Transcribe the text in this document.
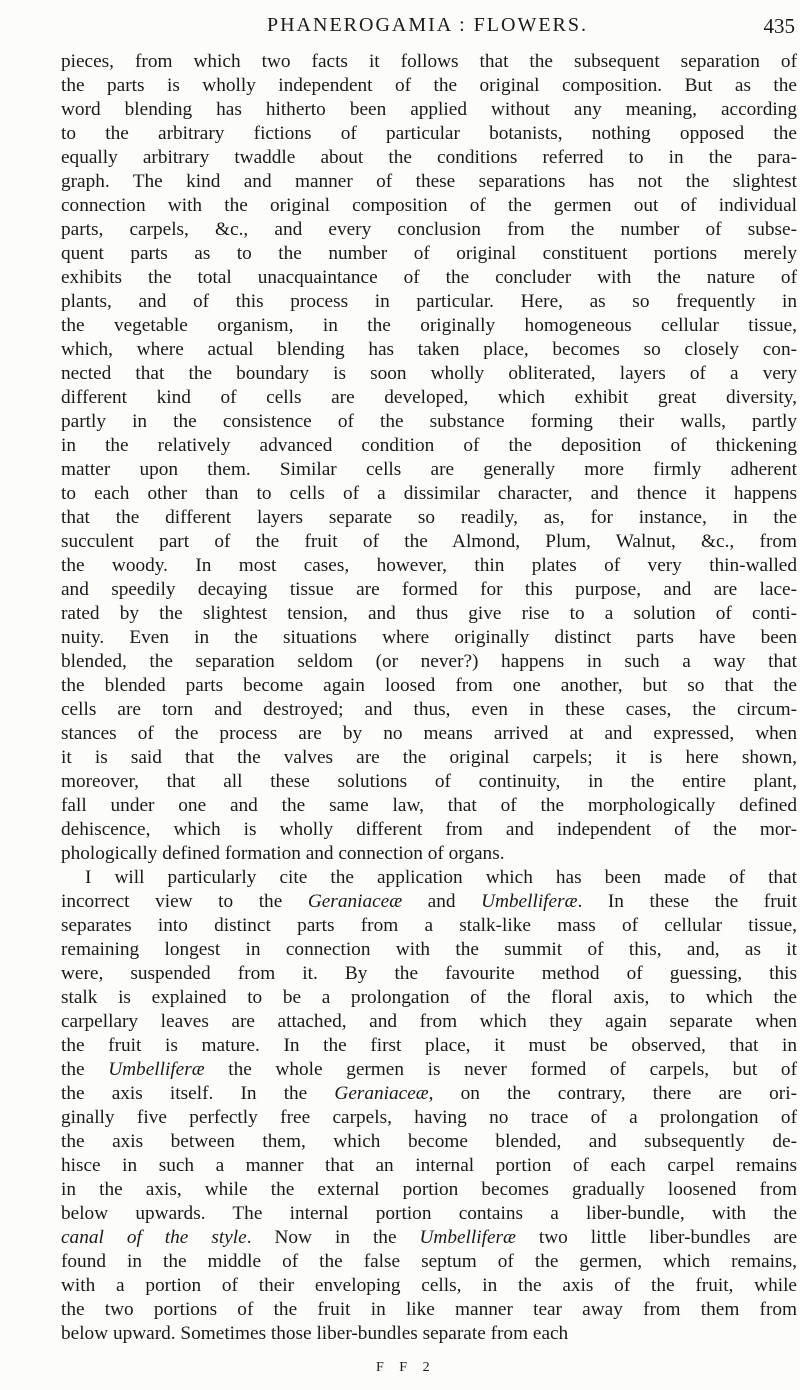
PHANEROGAMIA : FLOWERS.	435

pieces, from which two facts it follows that the subsequent separation of
the parts is wholly independent of the original composition. But as the
word blending has hitherto been applied without any meaning, according
to the arbitrary fictions of particular botanists, nothing opposed the
equally arbitrary twaddle about the conditions referred to in the para-
graph. The kind and manner of these separations has not the slightest
connection with the original composition of the germen out of individual
parts, carpels, &c., and every conclusion from the number of subse-
quent parts as to the number of original constituent portions merely
exhibits the total unacquaintance of the concluder with the nature of
plants, and of this process in particular. Here, as so frequently in
the vegetable organism, in the originally homogeneous cellular tissue,
which, where actual blending has taken place, becomes so closely con-
nected that the boundary is soon wholly obliterated, layers of a very
different kind of cells are developed, which exhibit great diversity,
partly in the consistence of the substance forming their walls, partly
in the relatively advanced condition of the deposition of thickening
matter upon them. Similar cells are generally more firmly adherent
to each other than to cells of a dissimilar character, and thence it happens
that the different layers separate so readily, as, for instance, in the
succulent part of the fruit of the Almond, Plum, Walnut, &c., from
the woody. In most cases, however, thin plates of very thin-walled
and speedily decaying tissue are formed for this purpose, and are lace-
rated by the slightest tension, and thus give rise to a solution of conti-
nuity. Even in the situations where originally distinct parts have been
blended, the separation seldom (or never?) happens in such a way that
the blended parts become again loosed from one another, but so that the
cells are torn and destroyed; and thus, even in these cases, the circum-
stances of the process are by no means arrived at and expressed, when
it is said that the valves are the original carpels; it is here shown,
moreover, that all these solutions of continuity, in the entire plant,
fall under one and the same law, that of the morphologically defined
dehiscence, which is wholly different from and independent of the mor-
phologically defined formation and connection of organs.

I will particularly cite the application which has been made of that
incorrect view to the Geraniaceæ and Umbelliferæ. In these the fruit
separates into distinct parts from a stalk-like mass of cellular tissue,
remaining longest in connection with the summit of this, and, as it
were, suspended from it. By the favourite method of guessing, this
stalk is explained to be a prolongation of the floral axis, to which the
carpellary leaves are attached, and from which they again separate when
the fruit is mature. In the first place, it must be observed, that in
the Umbelliferæ the whole germen is never formed of carpels, but of
the axis itself. In the Geraniaceæ, on the contrary, there are ori-
ginally five perfectly free carpels, having no trace of a prolongation of
the axis between them, which become blended, and subsequently de-
hisce in such a manner that an internal portion of each carpel remains
in the axis, while the external portion becomes gradually loosened from
below upwards. The internal portion contains a liber-bundle, with the
canal of the style. Now in the Umbelliferæ two little liber-bundles are
found in the middle of the false septum of the germen, which remains,
with a portion of their enveloping cells, in the axis of the fruit, while
the two portions of the fruit in like manner tear away from them from
below upward. Sometimes those liber-bundles separate from each

F F 2
